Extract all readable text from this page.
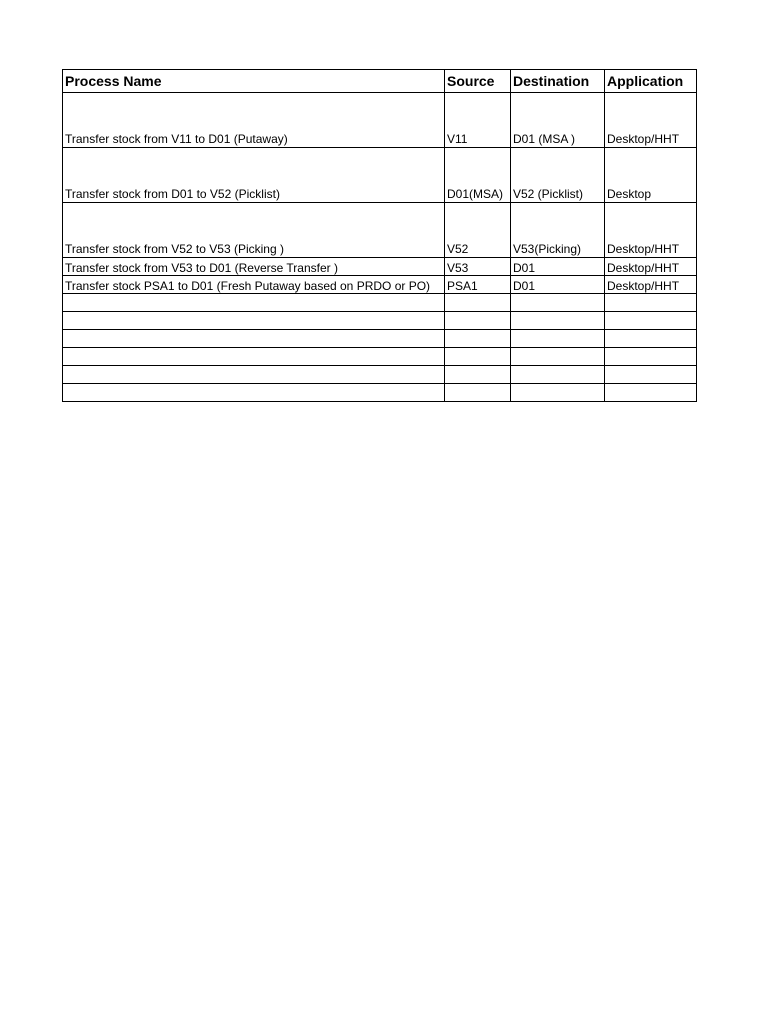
Process Name	Source	Destination	Application
Transfer stock from V11 to D01 (Putaway)	V11	D01 (MSA )	Desktop/HHT
Transfer stock from D01 to V52 (Picklist)	D01(MSA)	V52 (Picklist)	Desktop
Transfer stock from V52 to V53 (Picking )	V52	V53(Picking)	Desktop/HHT
Transfer stock from V53 to D01 (Reverse Transfer )	V53	D01	Desktop/HHT
Transfer stock PSA1 to D01 (Fresh Putaway based on PRDO or PO)	PSA1	D01	Desktop/HHT
